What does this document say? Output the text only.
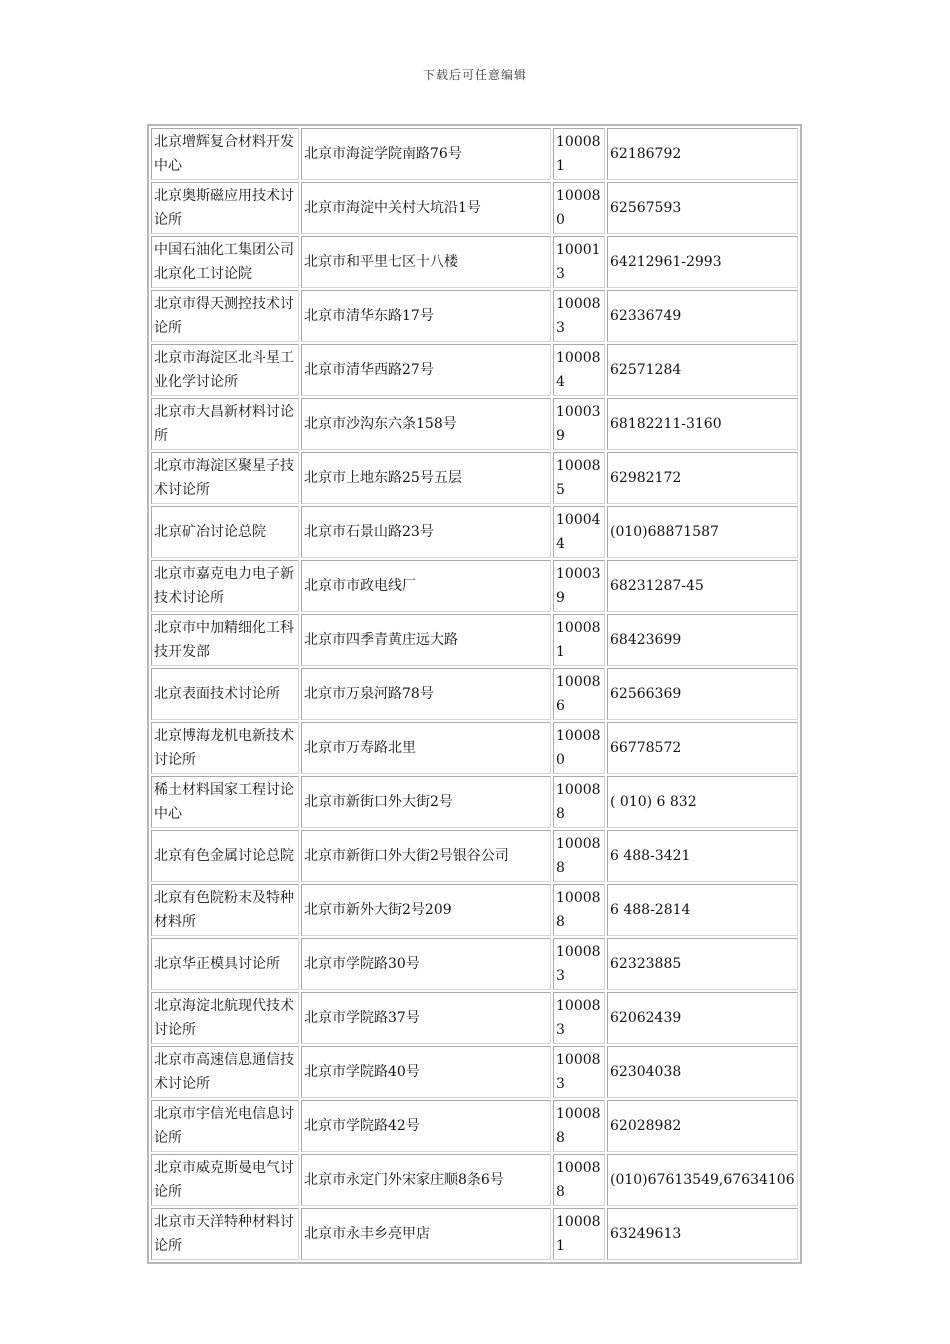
下载后可任意编辑
北京增辉复合材料开发中心	北京市海淀学院南路76号	100081	62186792
北京奥斯磁应用技术讨论所	北京市海淀中关村大坑沿1号	100080	62567593
中国石油化工集团公司北京化工讨论院	北京市和平里七区十八楼	100013	64212961-2993
北京市得天测控技术讨论所	北京市清华东路17号	100083	62336749
北京市海淀区北斗星工业化学讨论所	北京市清华西路27号	100084	62571284
北京市大昌新材料讨论所	北京市沙沟东六条158号	100039	68182211-3160
北京市海淀区聚星子技术讨论所	北京市上地东路25号五层	100085	62982172
北京矿冶讨论总院	北京市石景山路23号	100044	(010)68871587
北京市嘉克电力电子新技术讨论所	北京市市政电线厂	100039	68231287-45
北京市中加精细化工科技开发部	北京市四季青黄庄远大路	100081	68423699
北京表面技术讨论所	北京市万泉河路78号	100086	62566369
北京博海龙机电新技术讨论所	北京市万寿路北里	100080	66778572
稀土材料国家工程讨论中心	北京市新街口外大街2号	100088	( 010) 6 832
北京有色金属讨论总院	北京市新街口外大街2号银谷公司	100088	6 488-3421
北京有色院粉末及特种材料所	北京市新外大街2号209	100088	6 488-2814
北京华正模具讨论所	北京市学院路30号	100083	62323885
北京海淀北航现代技术讨论所	北京市学院路37号	100083	62062439
北京市高速信息通信技术讨论所	北京市学院路40号	100083	62304038
北京市宇信光电信息讨论所	北京市学院路42号	100088	62028982
北京市威克斯曼电气讨论所	北京市永定门外宋家庄顺8条6号	100088	(010)67613549,67634106
北京市天洋特种材料讨论所	北京市永丰乡亮甲店	100081	63249613
